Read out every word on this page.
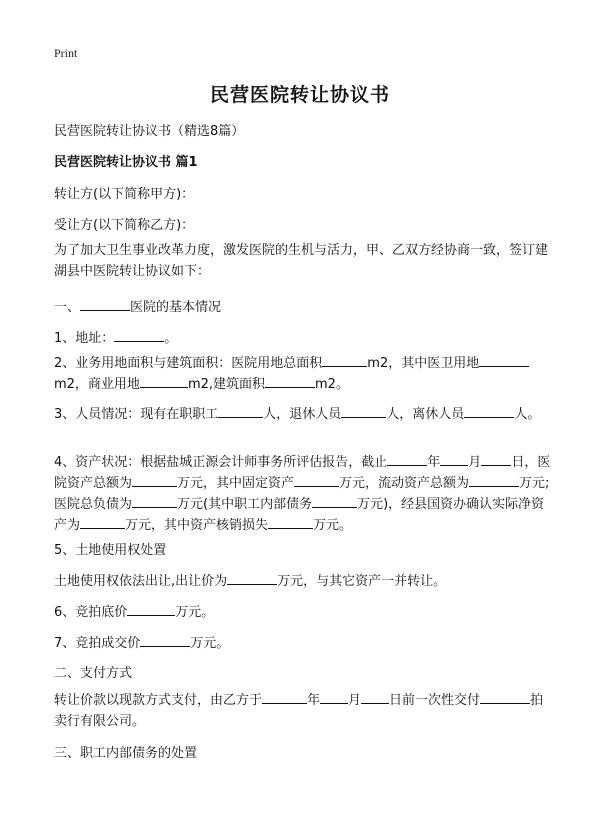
Print
民营医院转让协议书
民营医院转让协议书（精选8篇）
民营医院转让协议书 篇1
转让方(以下简称甲方)：
受让方(以下简称乙方)：
为了加大卫生事业改革力度，激发医院的生机与活力，甲、乙双方经协商一致，签订建湖县中医院转让协议如下：
一、	医院的基本情况
1、地址：	。
2、业务用地面积与建筑面积：医院用地总面积	m2，其中医卫用地m2，商业用地	m2,建筑面积	m2。
3、人员情况：现有在职职工	人，退休人员	人，离休人员	人。
4、资产状况：根据盐城正源会计师事务所评估报告，截止	年 月 日，医院资产总额为	万元，其中固定资产	万元，流动资产总额为	万元;医院总负债为	万元(其中职工内部债务	万元)，经县国资办确认实际净资产为	万元，其中资产核销损失	万元。
5、土地使用权处置
土地使用权依法出让,出让价为	万元，与其它资产一并转让。
6、竞拍底价	万元。
7、竞拍成交价	万元。
二、支付方式
转让价款以现款方式支付，由乙方于	年 月 日前一次性交付	拍卖行有限公司。
三、职工内部债务的处置
